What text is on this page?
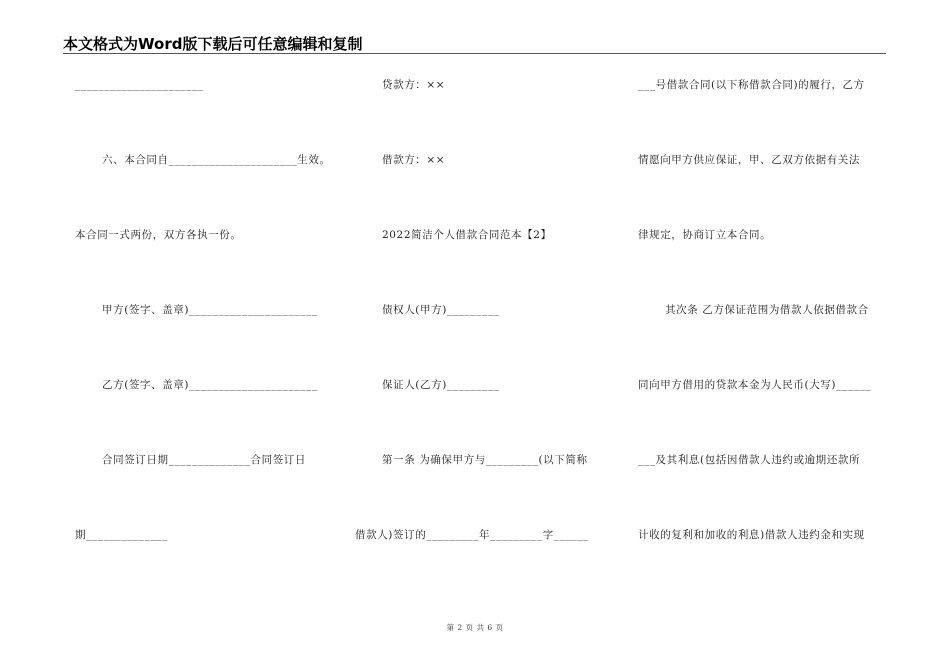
本文格式为Word版下载后可任意编辑和复制
______________________
六、本合同自______________________生效。
本合同一式两份，双方各执一份。
甲方(签字、盖章)______________________
乙方(签字、盖章)______________________
合同签订日期______________合同签订日
期______________
贷款方：××
借款方：××
2022简洁个人借款合同范本【2】
债权人(甲方)_________
保证人(乙方)_________
第一条 为确保甲方与_________(以下简称
借款人)签订的_________年_________字______
___号借款合同(以下称借款合同)的履行，乙方
情愿向甲方供应保证，甲、乙双方依据有关法
律规定，协商订立本合同。
其次条 乙方保证范围为借款人依据借款合
同向甲方借用的贷款本金为人民币(大写)______
___及其利息(包括因借款人违约或逾期还款所
计收的复利和加收的利息)借款人违约金和实现
第 2 页 共 6 页
